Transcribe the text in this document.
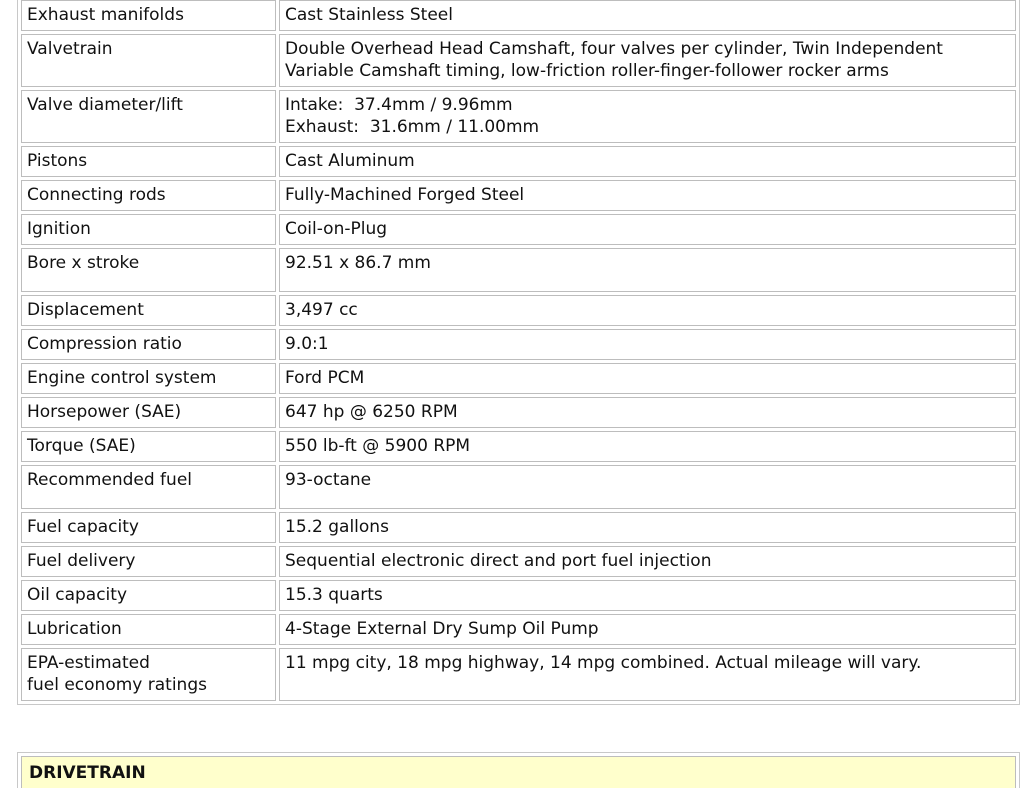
Exhaust manifolds	Cast Stainless Steel

Valvetrain	Double Overhead Head Camshaft, four valves per cylinder, Twin Independent
Variable Camshaft timing, low-friction roller-finger-follower rocker arms

Valve diameter/lift	Intake:  37.4mm / 9.96mm
Exhaust:  31.6mm / 11.00mm

Pistons	Cast Aluminum

Connecting rods	Fully-Machined Forged Steel

Ignition	Coil-on-Plug

Bore x stroke	92.51 x 86.7 mm

Displacement	3,497 cc

Compression ratio	9.0:1

Engine control system	Ford PCM

Horsepower (SAE)	647 hp @ 6250 RPM

Torque (SAE)	550 lb-ft @ 5900 RPM

Recommended fuel	93-octane

Fuel capacity	15.2 gallons

Fuel delivery	Sequential electronic direct and port fuel injection

Oil capacity	15.3 quarts

Lubrication	4-Stage External Dry Sump Oil Pump

EPA-estimated
fuel economy ratings	11 mpg city, 18 mpg highway, 14 mpg combined. Actual mileage will vary.
DRIVETRAIN
